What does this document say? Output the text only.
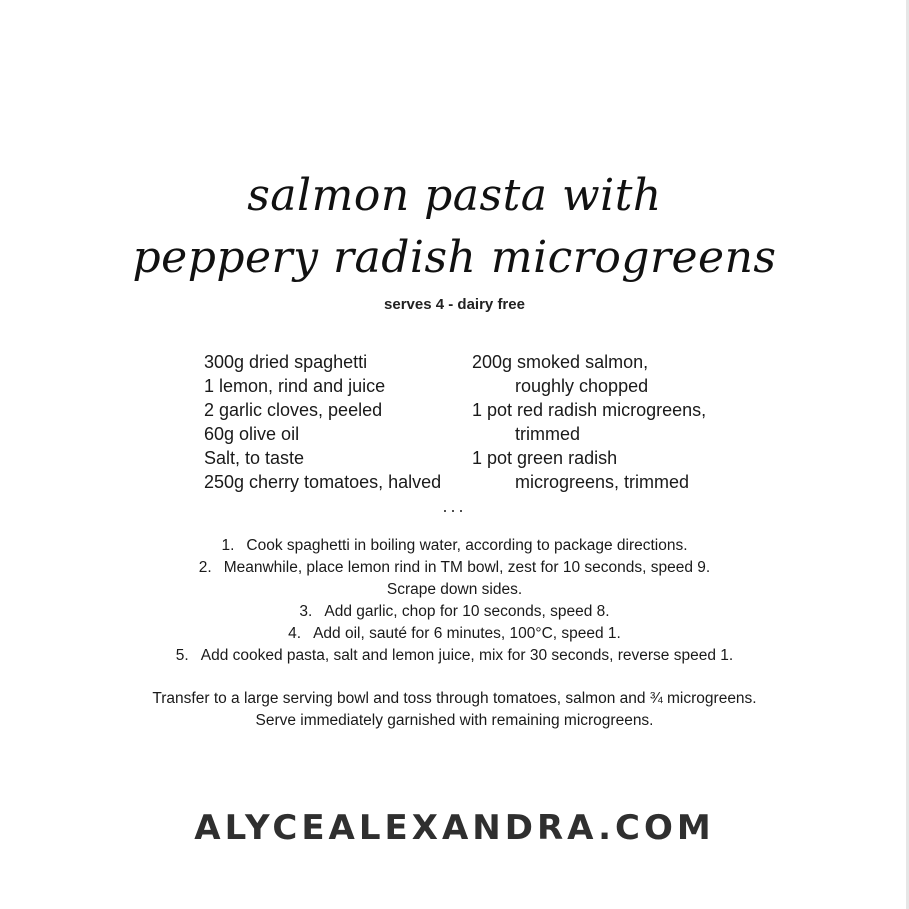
salmon pasta with
peppery radish microgreens
serves 4 - dairy free
300g dried spaghetti
1 lemon, rind and juice
2 garlic cloves, peeled
60g olive oil
Salt, to taste
250g cherry tomatoes, halved
200g smoked salmon,
roughly chopped
1 pot red radish microgreens,
trimmed
1 pot green radish
microgreens, trimmed
...
1. Cook spaghetti in boiling water, according to package directions.
2. Meanwhile, place lemon rind in TM bowl, zest for 10 seconds, speed 9.
Scrape down sides.
3. Add garlic, chop for 10 seconds, speed 8.
4. Add oil, sauté for 6 minutes, 100°C, speed 1.
5. Add cooked pasta, salt and lemon juice, mix for 30 seconds, reverse speed 1.
Transfer to a large serving bowl and toss through tomatoes, salmon and ¾ microgreens.
Serve immediately garnished with remaining microgreens.
ALYCEALEXANDRA.COM
